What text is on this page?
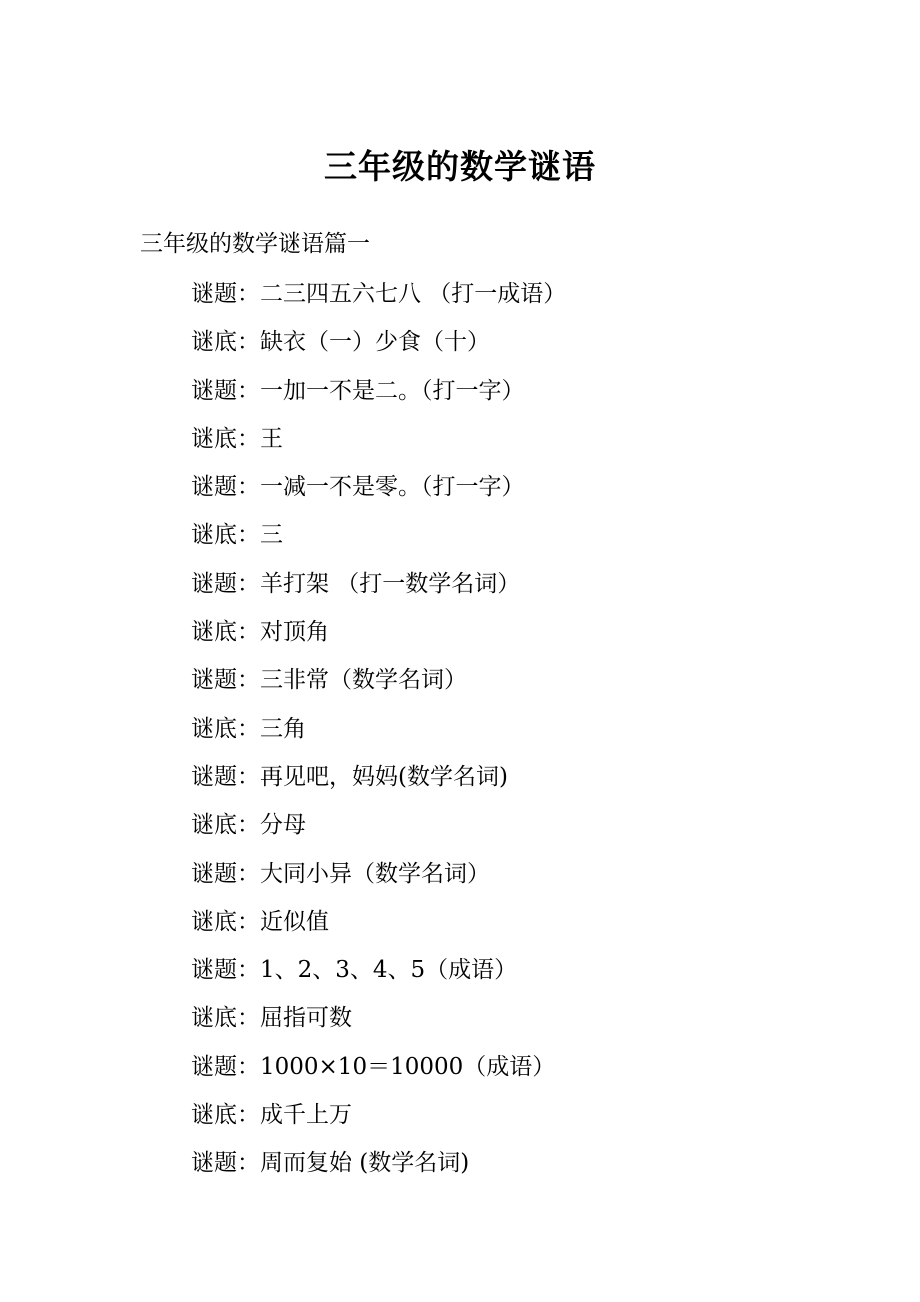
三年级的数学谜语

三年级的数学谜语篇一

谜题：二三四五六七八 （打一成语）
谜底：缺衣（一）少食（十）
谜题：一加一不是二。（打一字）
谜底：王
谜题：一减一不是零。（打一字）
谜底：三
谜题：羊打架 （打一数学名词）
谜底：对顶角
谜题：三非常（数学名词）
谜底：三角
谜题：再见吧，妈妈(数学名词)
谜底：分母
谜题：大同小异（数学名词）
谜底：近似值
谜题：1、2、3、4、5（成语）
谜底：屈指可数
谜题：1000×10＝10000（成语）
谜底：成千上万
谜题：周而复始 (数学名词)
